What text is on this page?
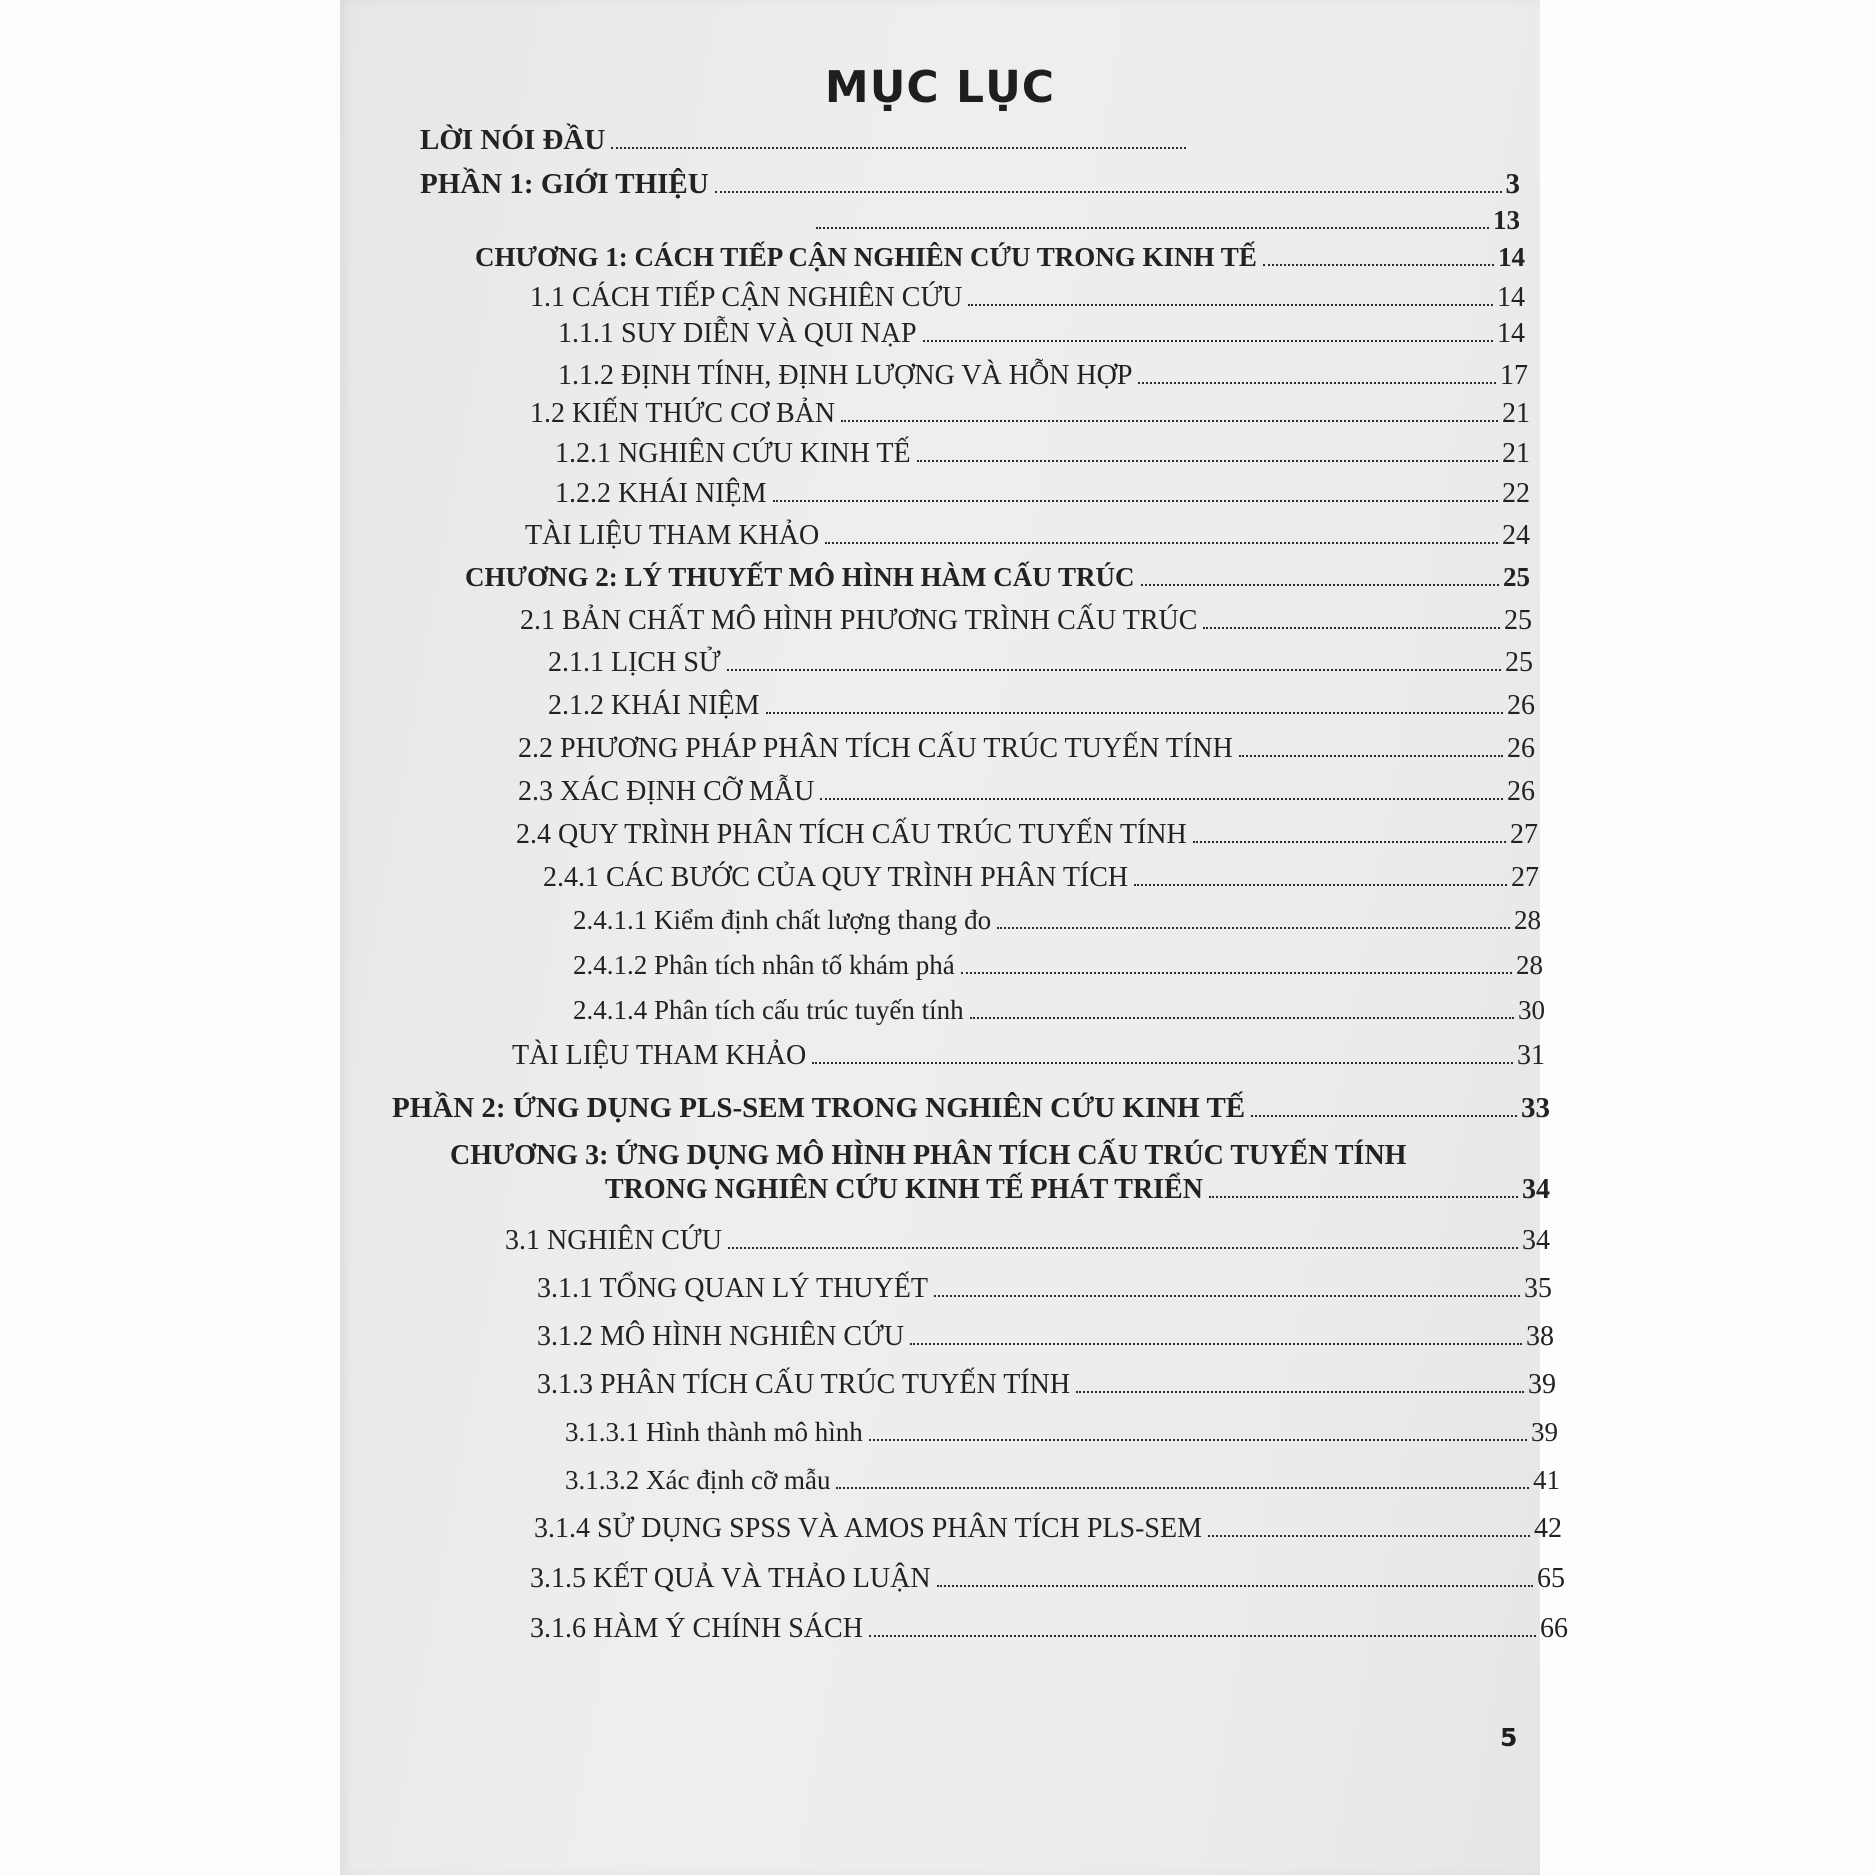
MỤC LỤC
LỜI NÓI ĐẦU
PHẦN 1: GIỚI THIỆU	3
13
CHƯƠNG 1: CÁCH TIẾP CẬN NGHIÊN CỨU TRONG KINH TẾ	14
1.1 CÁCH TIẾP CẬN NGHIÊN CỨU	14
1.1.1 SUY DIỄN VÀ QUI NẠP	14
1.1.2 ĐỊNH TÍNH, ĐỊNH LƯỢNG VÀ HỖN HỢP	17
1.2 KIẾN THỨC CƠ BẢN	21
1.2.1 NGHIÊN CỨU KINH TẾ	21
1.2.2 KHÁI NIỆM	22
TÀI LIỆU THAM KHẢO	24
CHƯƠNG 2: LÝ THUYẾT MÔ HÌNH HÀM CẤU TRÚC	25
2.1 BẢN CHẤT MÔ HÌNH PHƯƠNG TRÌNH CẤU TRÚC	25
2.1.1 LỊCH SỬ	25
2.1.2 KHÁI NIỆM	26
2.2 PHƯƠNG PHÁP PHÂN TÍCH CẤU TRÚC TUYẾN TÍNH	26
2.3 XÁC ĐỊNH CỠ MẪU	26
2.4 QUY TRÌNH PHÂN TÍCH CẤU TRÚC TUYẾN TÍNH	27
2.4.1 CÁC BƯỚC CỦA QUY TRÌNH PHÂN TÍCH	27
2.4.1.1 Kiểm định chất lượng thang đo	28
2.4.1.2 Phân tích nhân tố khám phá	28
2.4.1.4 Phân tích cấu trúc tuyến tính	30
TÀI LIỆU THAM KHẢO	31
PHẦN 2: ỨNG DỤNG PLS-SEM TRONG NGHIÊN CỨU KINH TẾ	33
CHƯƠNG 3: ỨNG DỤNG MÔ HÌNH PHÂN TÍCH CẤU TRÚC TUYẾN TÍNH
TRONG NGHIÊN CỨU KINH TẾ PHÁT TRIỂN	34
3.1 NGHIÊN CỨU	34
3.1.1 TỔNG QUAN LÝ THUYẾT	35
3.1.2 MÔ HÌNH NGHIÊN CỨU	38
3.1.3 PHÂN TÍCH CẤU TRÚC TUYẾN TÍNH	39
3.1.3.1 Hình thành mô hình	39
3.1.3.2 Xác định cỡ mẫu	41
3.1.4 SỬ DỤNG SPSS VÀ AMOS PHÂN TÍCH PLS-SEM	42
3.1.5 KẾT QUẢ VÀ THẢO LUẬN	65
3.1.6 HÀM Ý CHÍNH SÁCH	66
5
